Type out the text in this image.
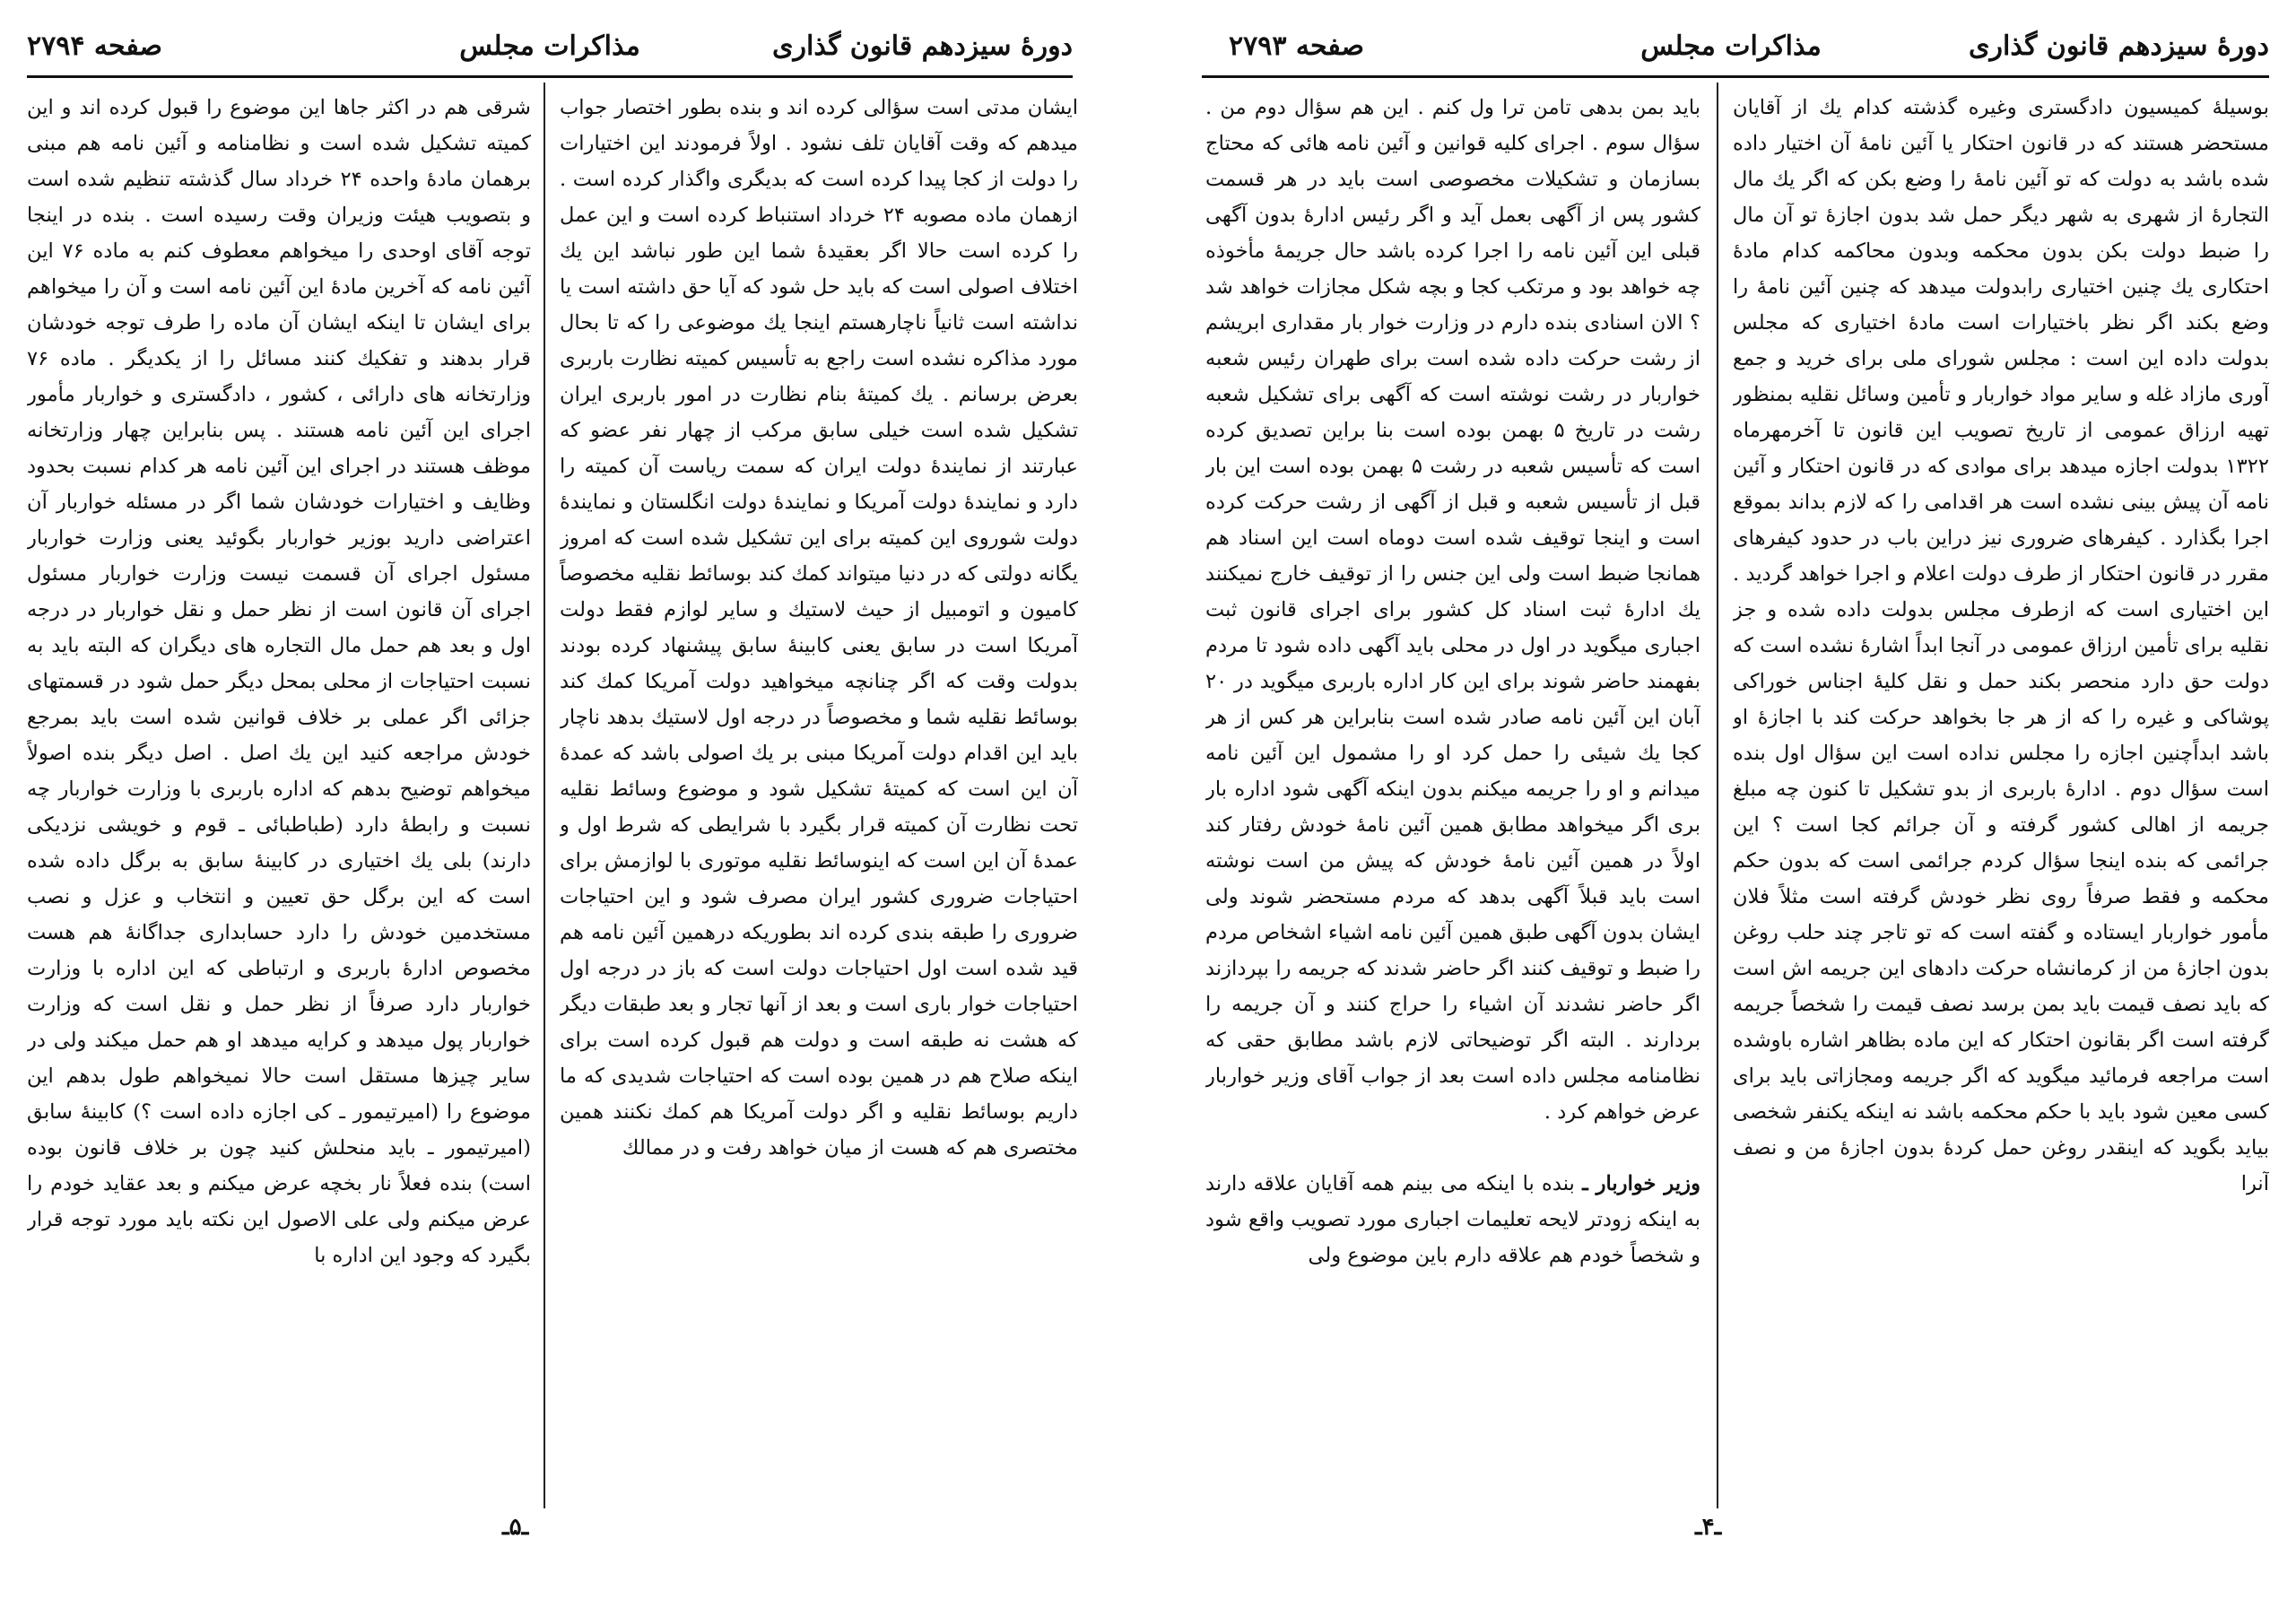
صفحه ۲۷۹۴	مذاکرات مجلس	دورهٔ سیزدهم قانون گذاری

ایشان مدتی است سؤالی کرده اند و بنده بطور اختصار جواب میدهم که وقت آقایان تلف نشود . اولاً فرمودند این اختیارات را دولت از کجا پیدا کرده است که بدیگری واگذار کرده است . ازهمان ماده مصوبه ۲۴ خرداد استنباط کرده است و این عمل را کرده است حالا اگر بعقیدهٔ شما این طور نباشد این یك اختلاف اصولی است که باید حل شود که آیا حق داشته است یا نداشته است ثانیاً ناچارهستم اینجا یك موضوعی را که تا بحال مورد مذاکره نشده است راجع به تأسیس کمیته نظارت باربری بعرض برسانم . یك کمیتهٔ بنام نظارت در امور باربری ایران تشکیل شده است خیلی سابق مرکب از چهار نفر عضو که عبارتند از نمایندهٔ دولت ایران که سمت ریاست آن کمیته را دارد و نمایندهٔ دولت آمریکا و نمایندهٔ دولت انگلستان و نمایندهٔ دولت شوروی این کمیته برای این تشکیل شده است که امروز یگانه دولتی که در دنیا میتواند کمك کند بوسائط نقلیه مخصوصاً کامیون و اتومبیل از حیث لاستیك و سایر لوازم فقط دولت آمریکا است در سابق یعنی کابینهٔ سابق پیشنهاد کرده بودند بدولت وقت که اگر چنانچه میخواهید دولت آمریکا کمك کند بوسائط نقلیه شما و مخصوصاً در درجه اول لاستیك بدهد ناچار باید این اقدام دولت آمریکا مبنی بر یك اصولی باشد که عمدهٔ آن این است که کمیتهٔ تشکیل شود و موضوع وسائط نقلیه تحت نظارت آن کمیته قرار بگیرد با شرایطی که شرط اول و عمدهٔ آن این است که اینوسائط نقلیه موتوری با لوازمش برای احتیاجات ضروری کشور ایران مصرف شود و این احتیاجات ضروری را طبقه بندی کرده اند بطوریکه درهمین آئین نامه هم قید شده است اول احتیاجات دولت است که باز در درجه اول احتیاجات خوار باری است و بعد از آنها تجار و بعد طبقات دیگر که هشت نه طبقه است و دولت هم قبول کرده است برای اینکه صلاح هم در همین بوده است که احتیاجات شدیدی که ما داریم بوسائط نقلیه و اگر دولت آمریکا هم کمك نکنند همین مختصری هم که هست از میان خواهد رفت و در ممالك

شرقی هم در اکثر جاها این موضوع را قبول کرده اند و این کمیته تشکیل شده است و نظامنامه و آئین نامه هم مبنی برهمان مادهٔ واحده ۲۴ خرداد سال گذشته تنظیم شده است و بتصویب هیئت وزیران وقت رسیده است . بنده در اینجا توجه آقای اوحدی را میخواهم معطوف کنم به ماده ۷۶ این آئین نامه که آخرین مادهٔ این آئین نامه است و آن را میخواهم برای ایشان تا اینکه ایشان آن ماده را طرف توجه خودشان قرار بدهند و تفکیك کنند مسائل را از یکدیگر . ماده ۷۶ وزارتخانه های دارائی ، کشور ، دادگستری و خواربار مأمور اجرای این آئین نامه هستند . پس بنابراین چهار وزارتخانه موظف هستند در اجرای این آئین نامه هر کدام نسبت بحدود وظایف و اختیارات خودشان شما اگر در مسئله خواربار آن اعتراضی دارید بوزیر خواربار بگوئید یعنی وزارت خواربار مسئول اجرای آن قسمت نیست وزارت خواربار مسئول اجرای آن قانون است از نظر حمل و نقل خواربار در درجه اول و بعد هم حمل مال التجاره های دیگران که البته باید به نسبت احتیاجات از محلی بمحل دیگر حمل شود در قسمتهای جزائی اگر عملی بر خلاف قوانین شده است باید بمرجع خودش مراجعه کنید این یك اصل . اصل دیگر بنده اصولاً میخواهم توضیح بدهم که اداره باربری با وزارت خواربار چه نسبت و رابطهٔ دارد (طباطبائی ـ قوم و خویشی نزدیکی دارند) بلی یك اختیاری در کابینهٔ سابق به برگل داده شده است که این برگل حق تعیین و انتخاب و عزل و نصب مستخدمین خودش را دارد حسابداری جداگانهٔ هم هست مخصوص ادارهٔ باربری و ارتباطی که این اداره با وزارت خواربار دارد صرفاً از نظر حمل و نقل است که وزارت خواربار پول میدهد و کرایه میدهد او هم حمل میکند ولی در سایر چیزها مستقل است حالا نمیخواهم طول بدهم این موضوع را (امیرتیمور ـ کی اجازه داده است ؟) کابینهٔ سابق (امیرتیمور ـ باید منحلش کنید چون بر خلاف قانون بوده است) بنده فعلاً نار بخچه عرض میکنم و بعد عقاید خودم را عرض میکنم ولی علی الاصول این نکته باید مورد توجه قرار بگیرد که وجود این اداره با

ـ۵ـ
صفحه ۲۷۹۳	مذاکرات مجلس	دورهٔ سیزدهم قانون گذاری

بوسیلهٔ کمیسیون دادگستری وغیره گذشته کدام یك از آقایان مستحضر هستند که در قانون احتکار یا آئین نامهٔ آن اختیار داده شده باشد به دولت که تو آئین نامهٔ را وضع بکن که اگر یك مال التجارهٔ از شهری به شهر دیگر حمل شد بدون اجازهٔ تو آن مال را ضبط دولت بکن بدون محکمه وبدون محاکمه کدام مادهٔ احتکاری یك چنین اختیاری رابدولت میدهد که چنین آئین نامهٔ را وضع بکند اگر نظر باختیارات است مادهٔ اختیاری که مجلس بدولت داده این است : مجلس شورای ملی برای خرید و جمع آوری مازاد غله و سایر مواد خواربار و تأمین وسائل نقلیه بمنظور تهیه ارزاق عمومی از تاریخ تصویب این قانون تا آخرمهرماه ۱۳۲۲ بدولت اجازه میدهد برای موادی که در قانون احتکار و آئین نامه آن پیش بینی نشده است هر اقدامی را که لازم بداند بموقع اجرا بگذارد . کیفرهای ضروری نیز دراین باب در حدود کیفرهای مقرر در قانون احتکار از طرف دولت اعلام و اجرا خواهد گردید . این اختیاری است که ازطرف مجلس بدولت داده شده و جز نقلیه برای تأمین ارزاق عمومی در آنجا ابداً اشارهٔ نشده است که دولت حق دارد منحصر بکند حمل و نقل کلیهٔ اجناس خوراکی پوشاکی و غیره را که از هر جا بخواهد حرکت کند با اجازهٔ او باشد ابداًچنین اجازه را مجلس نداده است این سؤال اول بنده است سؤال دوم . ادارهٔ باربری از بدو تشکیل تا کنون چه مبلغ جریمه از اهالی کشور گرفته و آن جرائم کجا است ؟ این جرائمی که بنده اینجا سؤال کردم جرائمی است که بدون حکم محکمه و فقط صرفاً روی نظر خودش گرفته است مثلاً فلان مأمور خواربار ایستاده و گفته است که تو تاجر چند حلب روغن بدون اجازهٔ من از کرمانشاه حرکت دادهای این جریمه اش است که باید نصف قیمت باید بمن برسد نصف قیمت را شخصاً جریمه گرفته است اگر بقانون احتکار که این ماده بظاهر اشاره باوشده است مراجعه فرمائید میگوید که اگر جریمه ومجازاتی باید برای کسی معین شود باید با حکم محکمه باشد نه اینکه یکنفر شخصی بیاید بگوید که اینقدر روغن حمل کردهٔ بدون اجازهٔ من و نصف آنرا

باید بمن بدهی تامن ترا ول کنم . این هم سؤال دوم من . سؤال سوم . اجرای کلیه قوانین و آئین نامه هائی که محتاج بسازمان و تشکیلات مخصوصی است باید در هر قسمت کشور پس از آگهی بعمل آید و اگر رئیس ادارهٔ بدون آگهی قبلی این آئین نامه را اجرا کرده باشد حال جریمهٔ مأخوذه چه خواهد بود و مرتکب کجا و بچه شکل مجازات خواهد شد ؟ الان اسنادی بنده دارم در وزارت خوار بار مقداری ابریشم از رشت حرکت داده شده است برای طهران رئیس شعبه خواربار در رشت نوشته است که آگهی برای تشکیل شعبه رشت در تاریخ ۵ بهمن بوده است بنا براین تصدیق کرده است که تأسیس شعبه در رشت ۵ بهمن بوده است این بار قبل از تأسیس شعبه و قبل از آگهی از رشت حرکت کرده است و اینجا توقیف شده است دوماه است این اسناد هم همانجا ضبط است ولی این جنس را از توقیف خارج نمیکنند یك ادارهٔ ثبت اسناد کل کشور برای اجرای قانون ثبت اجباری میگوید در اول در محلی باید آگهی داده شود تا مردم بفهمند حاضر شوند برای این کار اداره باربری میگوید در ۲۰ آبان این آئین نامه صادر شده است بنابراین هر کس از هر کجا یك شیئی را حمل کرد او را مشمول این آئین نامه میدانم و او را جریمه میکنم بدون اینکه آگهی شود اداره بار بری اگر میخواهد مطابق همین آئین نامهٔ خودش رفتار کند اولاً در همین آئین نامهٔ خودش که پیش من است نوشته است باید قبلاً آگهی بدهد که مردم مستحضر شوند ولی ایشان بدون آگهی طبق همین آئین نامه اشیاء اشخاص مردم را ضبط و توقیف کنند اگر حاضر شدند که جریمه را بپردازند اگر حاضر نشدند آن اشیاء را حراج کنند و آن جریمه را بردارند . البته اگر توضیحاتی لازم باشد مطابق حقی که نظامنامه مجلس داده است بعد از جواب آقای وزیر خواربار عرض خواهم کرد .

وزیر خواربار ـ بنده با اینکه می بینم همه آقایان علاقه دارند به اینکه زودتر لایحه تعلیمات اجباری مورد تصویب واقع شود و شخصاً خودم هم علاقه دارم باین موضوع ولی

ـ۴ـ
